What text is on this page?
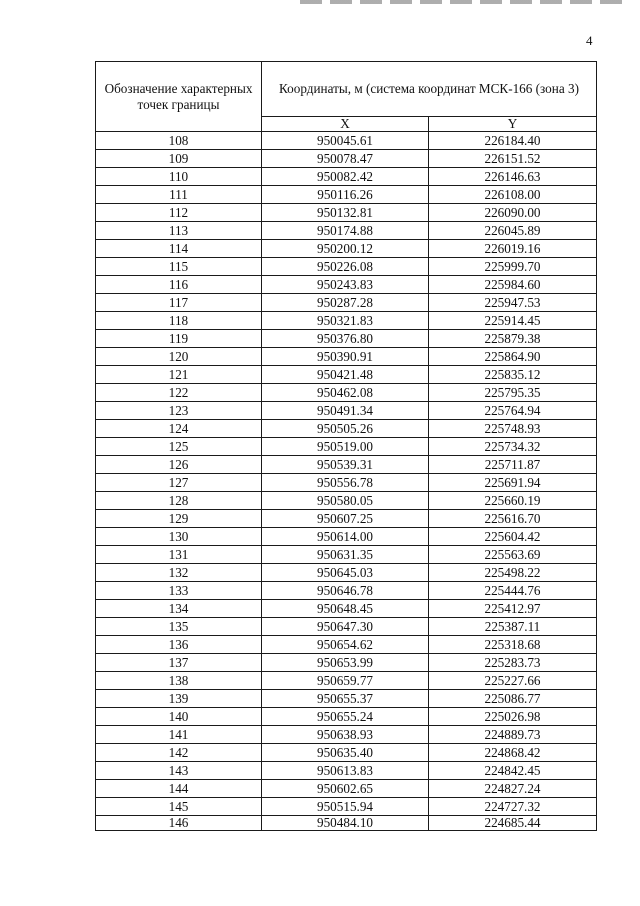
4
Обозначение характерных точек границы	Координаты, м (система координат МСК-166 (зона 3)	
	X	Y
108	950045.61	226184.40
109	950078.47	226151.52
110	950082.42	226146.63
111	950116.26	226108.00
112	950132.81	226090.00
113	950174.88	226045.89
114	950200.12	226019.16
115	950226.08	225999.70
116	950243.83	225984.60
117	950287.28	225947.53
118	950321.83	225914.45
119	950376.80	225879.38
120	950390.91	225864.90
121	950421.48	225835.12
122	950462.08	225795.35
123	950491.34	225764.94
124	950505.26	225748.93
125	950519.00	225734.32
126	950539.31	225711.87
127	950556.78	225691.94
128	950580.05	225660.19
129	950607.25	225616.70
130	950614.00	225604.42
131	950631.35	225563.69
132	950645.03	225498.22
133	950646.78	225444.76
134	950648.45	225412.97
135	950647.30	225387.11
136	950654.62	225318.68
137	950653.99	225283.73
138	950659.77	225227.66
139	950655.37	225086.77
140	950655.24	225026.98
141	950638.93	224889.73
142	950635.40	224868.42
143	950613.83	224842.45
144	950602.65	224827.24
145	950515.94	224727.32
146	950484.10	224685.44
